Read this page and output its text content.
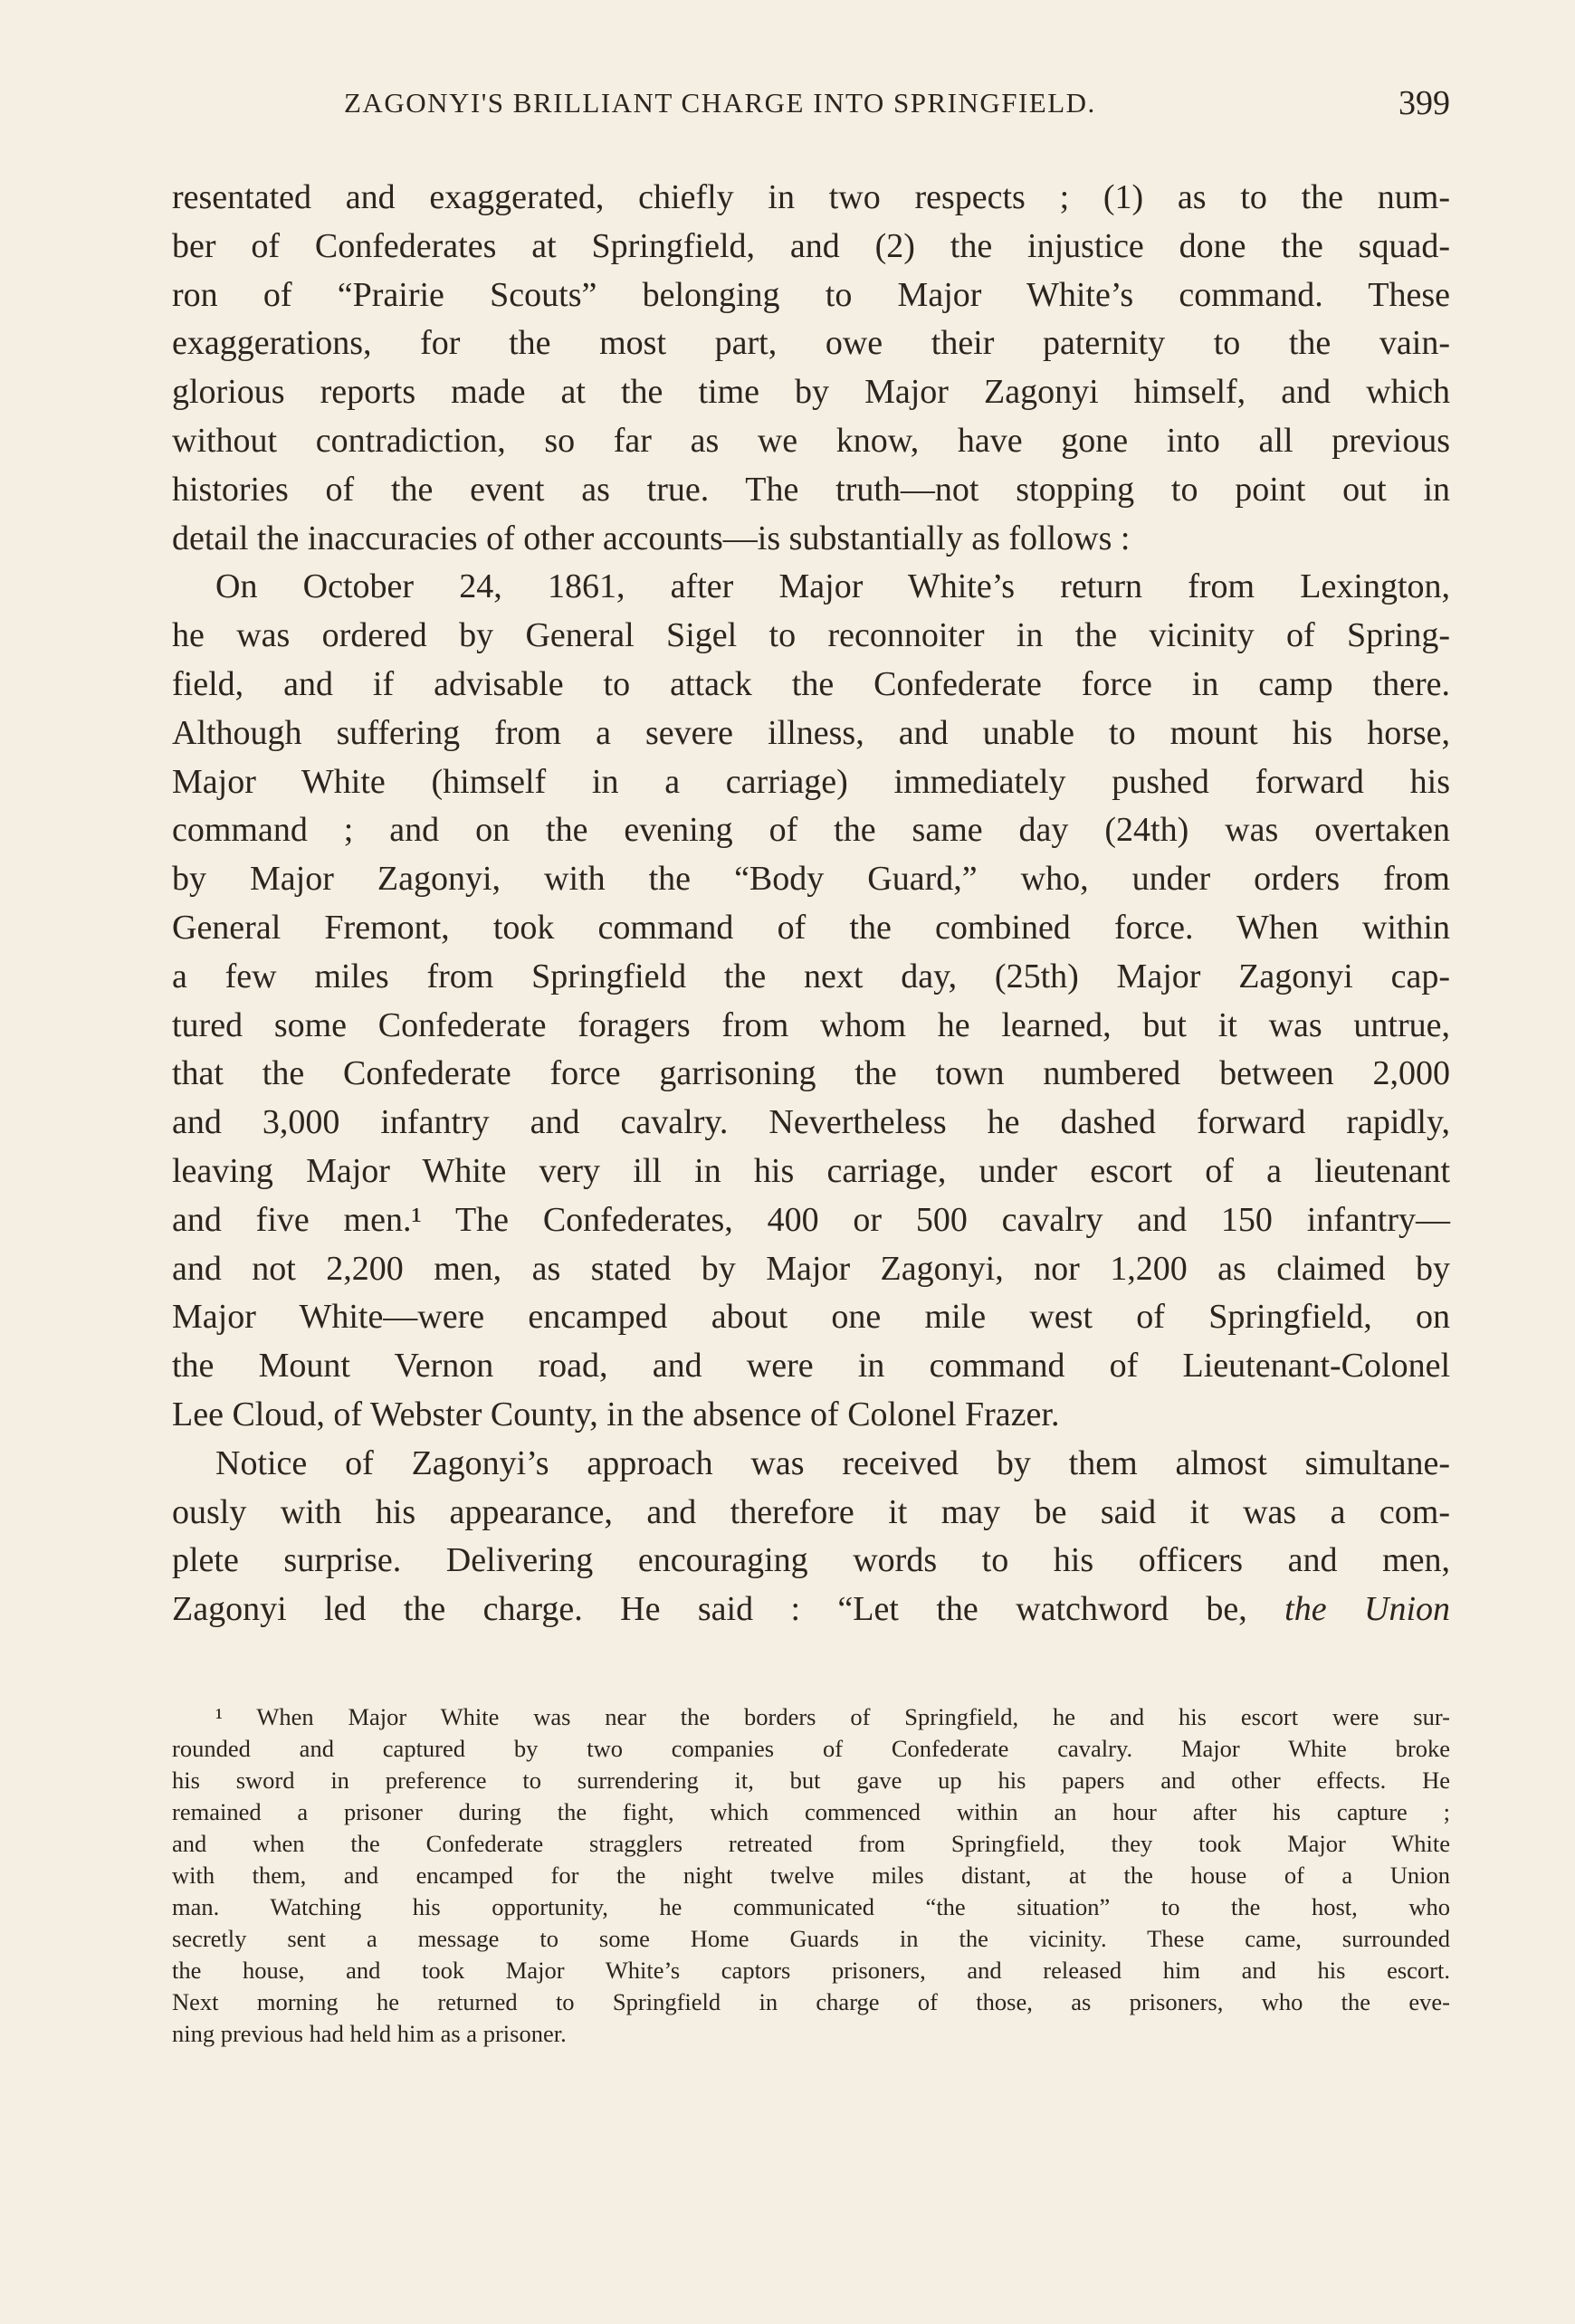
ZAGONYI'S BRILLIANT CHARGE INTO SPRINGFIELD.	399
resentated and exaggerated, chiefly in two respects ; (1) as to the num-
ber of Confederates at Springfield, and (2) the injustice done the squad-
ron of “Prairie Scouts” belonging to Major White’s command. These
exaggerations, for the most part, owe their paternity to the vain-
glorious reports made at the time by Major Zagonyi himself, and which
without contradiction, so far as we know, have gone into all previous
histories of the event as true. The truth—not stopping to point out in
detail the inaccuracies of other accounts—is substantially as follows :
On October 24, 1861, after Major White’s return from Lexington,
he was ordered by General Sigel to reconnoiter in the vicinity of Spring-
field, and if advisable to attack the Confederate force in camp there.
Although suffering from a severe illness, and unable to mount his horse,
Major White (himself in a carriage) immediately pushed forward his
command ; and on the evening of the same day (24th) was overtaken
by Major Zagonyi, with the “Body Guard,” who, under orders from
General Fremont, took command of the combined force. When within
a few miles from Springfield the next day, (25th) Major Zagonyi cap-
tured some Confederate foragers from whom he learned, but it was untrue,
that the Confederate force garrisoning the town numbered between 2,000
and 3,000 infantry and cavalry. Nevertheless he dashed forward rapidly,
leaving Major White very ill in his carriage, under escort of a lieutenant
and five men.¹ The Confederates, 400 or 500 cavalry and 150 infantry—
and not 2,200 men, as stated by Major Zagonyi, nor 1,200 as claimed by
Major White—were encamped about one mile west of Springfield, on
the Mount Vernon road, and were in command of Lieutenant-Colonel
Lee Cloud, of Webster County, in the absence of Colonel Frazer.
Notice of Zagonyi’s approach was received by them almost simultane-
ously with his appearance, and therefore it may be said it was a com-
plete surprise. Delivering encouraging words to his officers and men,
Zagonyi led the charge. He said : “Let the watchword be, the Union
¹ When Major White was near the borders of Springfield, he and his escort were sur-
rounded and captured by two companies of Confederate cavalry. Major White broke
his sword in preference to surrendering it, but gave up his papers and other effects. He
remained a prisoner during the fight, which commenced within an hour after his capture ;
and when the Confederate stragglers retreated from Springfield, they took Major White
with them, and encamped for the night twelve miles distant, at the house of a Union
man. Watching his opportunity, he communicated “the situation” to the host, who
secretly sent a message to some Home Guards in the vicinity. These came, surrounded
the house, and took Major White’s captors prisoners, and released him and his escort.
Next morning he returned to Springfield in charge of those, as prisoners, who the eve-
ning previous had held him as a prisoner.
